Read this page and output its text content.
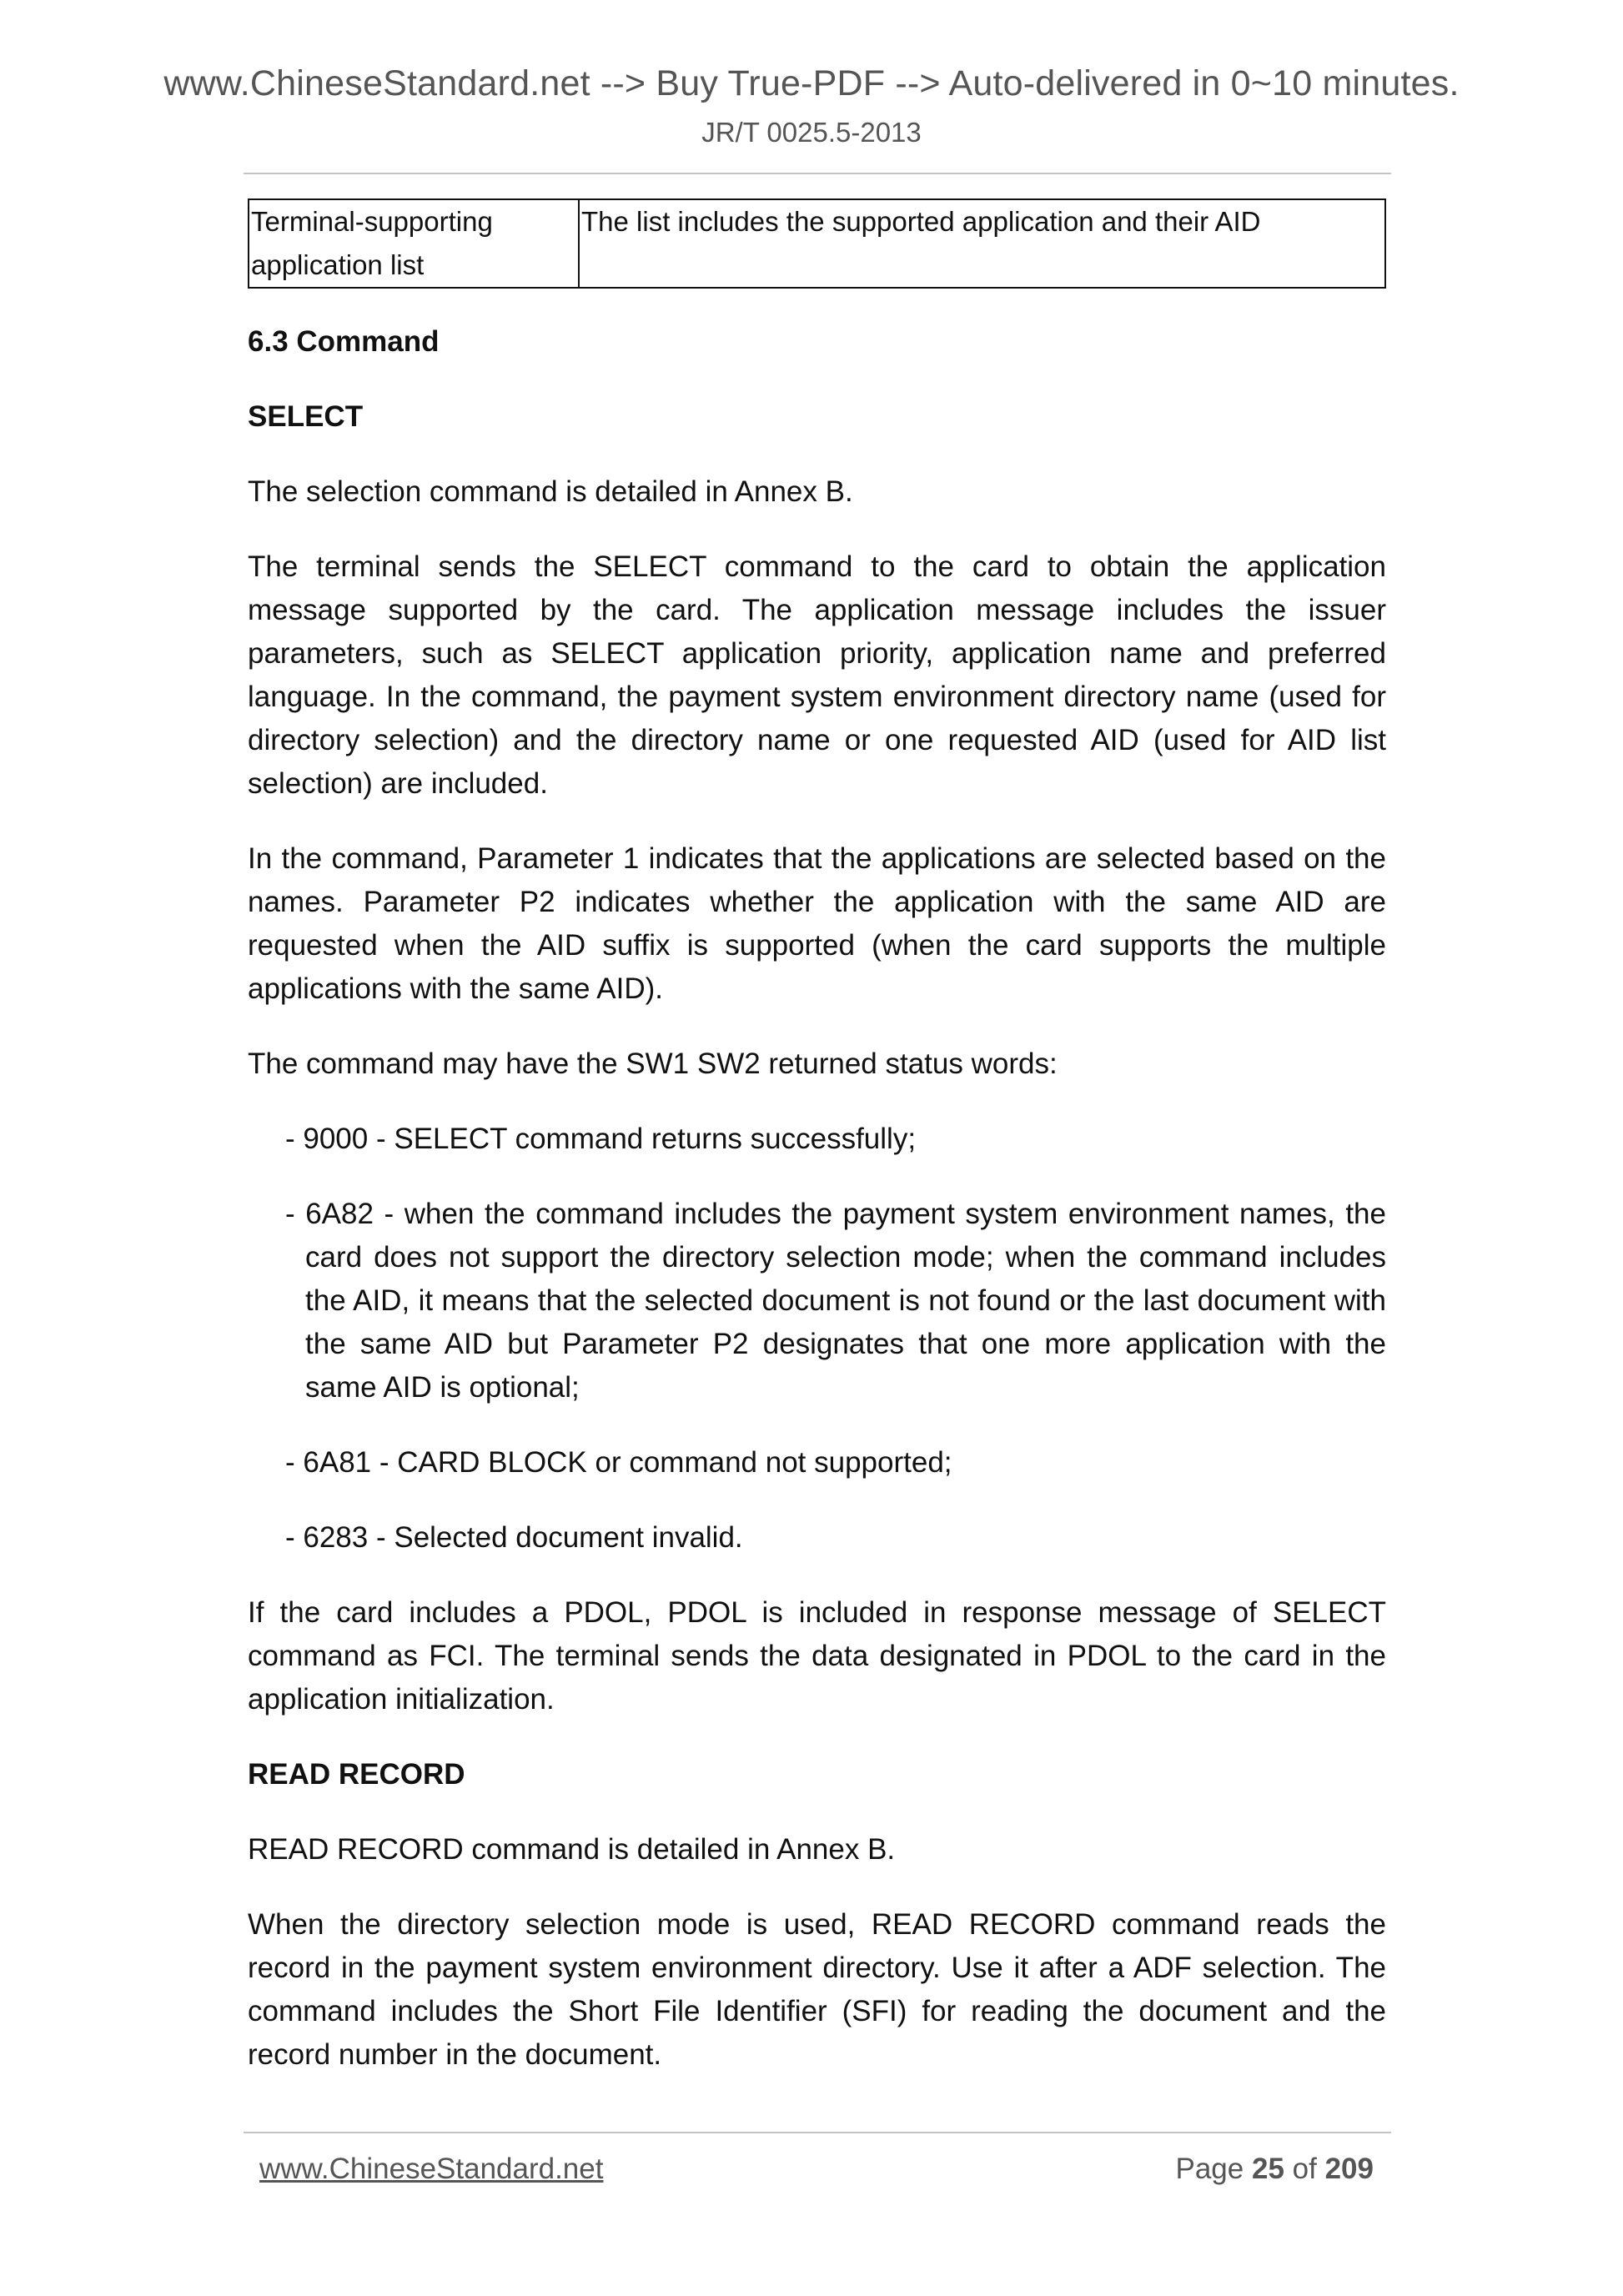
www.ChineseStandard.net --> Buy True-PDF --> Auto-delivered in 0~10 minutes.
JR/T 0025.5-2013
Terminal-supporting application list	The list includes the supported application and their AID
6.3 Command
SELECT

The selection command is detailed in Annex B.

The terminal sends the SELECT command to the card to obtain the application message supported by the card. The application message includes the issuer parameters, such as SELECT application priority, application name and preferred language. In the command, the payment system environment directory name (used for directory selection) and the directory name or one requested AID (used for AID list selection) are included.

In the command, Parameter 1 indicates that the applications are selected based on the names. Parameter P2 indicates whether the application with the same AID are requested when the AID suffix is supported (when the card supports the multiple applications with the same AID).

The command may have the SW1 SW2 returned status words:

- 9000 - SELECT command returns successfully;
- 6A82 - when the command includes the payment system environment names, the card does not support the directory selection mode; when the command includes the AID, it means that the selected document is not found or the last document with the same AID but Parameter P2 designates that one more application with the same AID is optional;
- 6A81 - CARD BLOCK or command not supported;
- 6283 - Selected document invalid.

If the card includes a PDOL, PDOL is included in response message of SELECT command as FCI. The terminal sends the data designated in PDOL to the card in the application initialization.

READ RECORD

READ RECORD command is detailed in Annex B.

When the directory selection mode is used, READ RECORD command reads the record in the payment system environment directory. Use it after a ADF selection. The command includes the Short File Identifier (SFI) for reading the document and the record number in the document.

www.ChineseStandard.net	Page 25 of 209
